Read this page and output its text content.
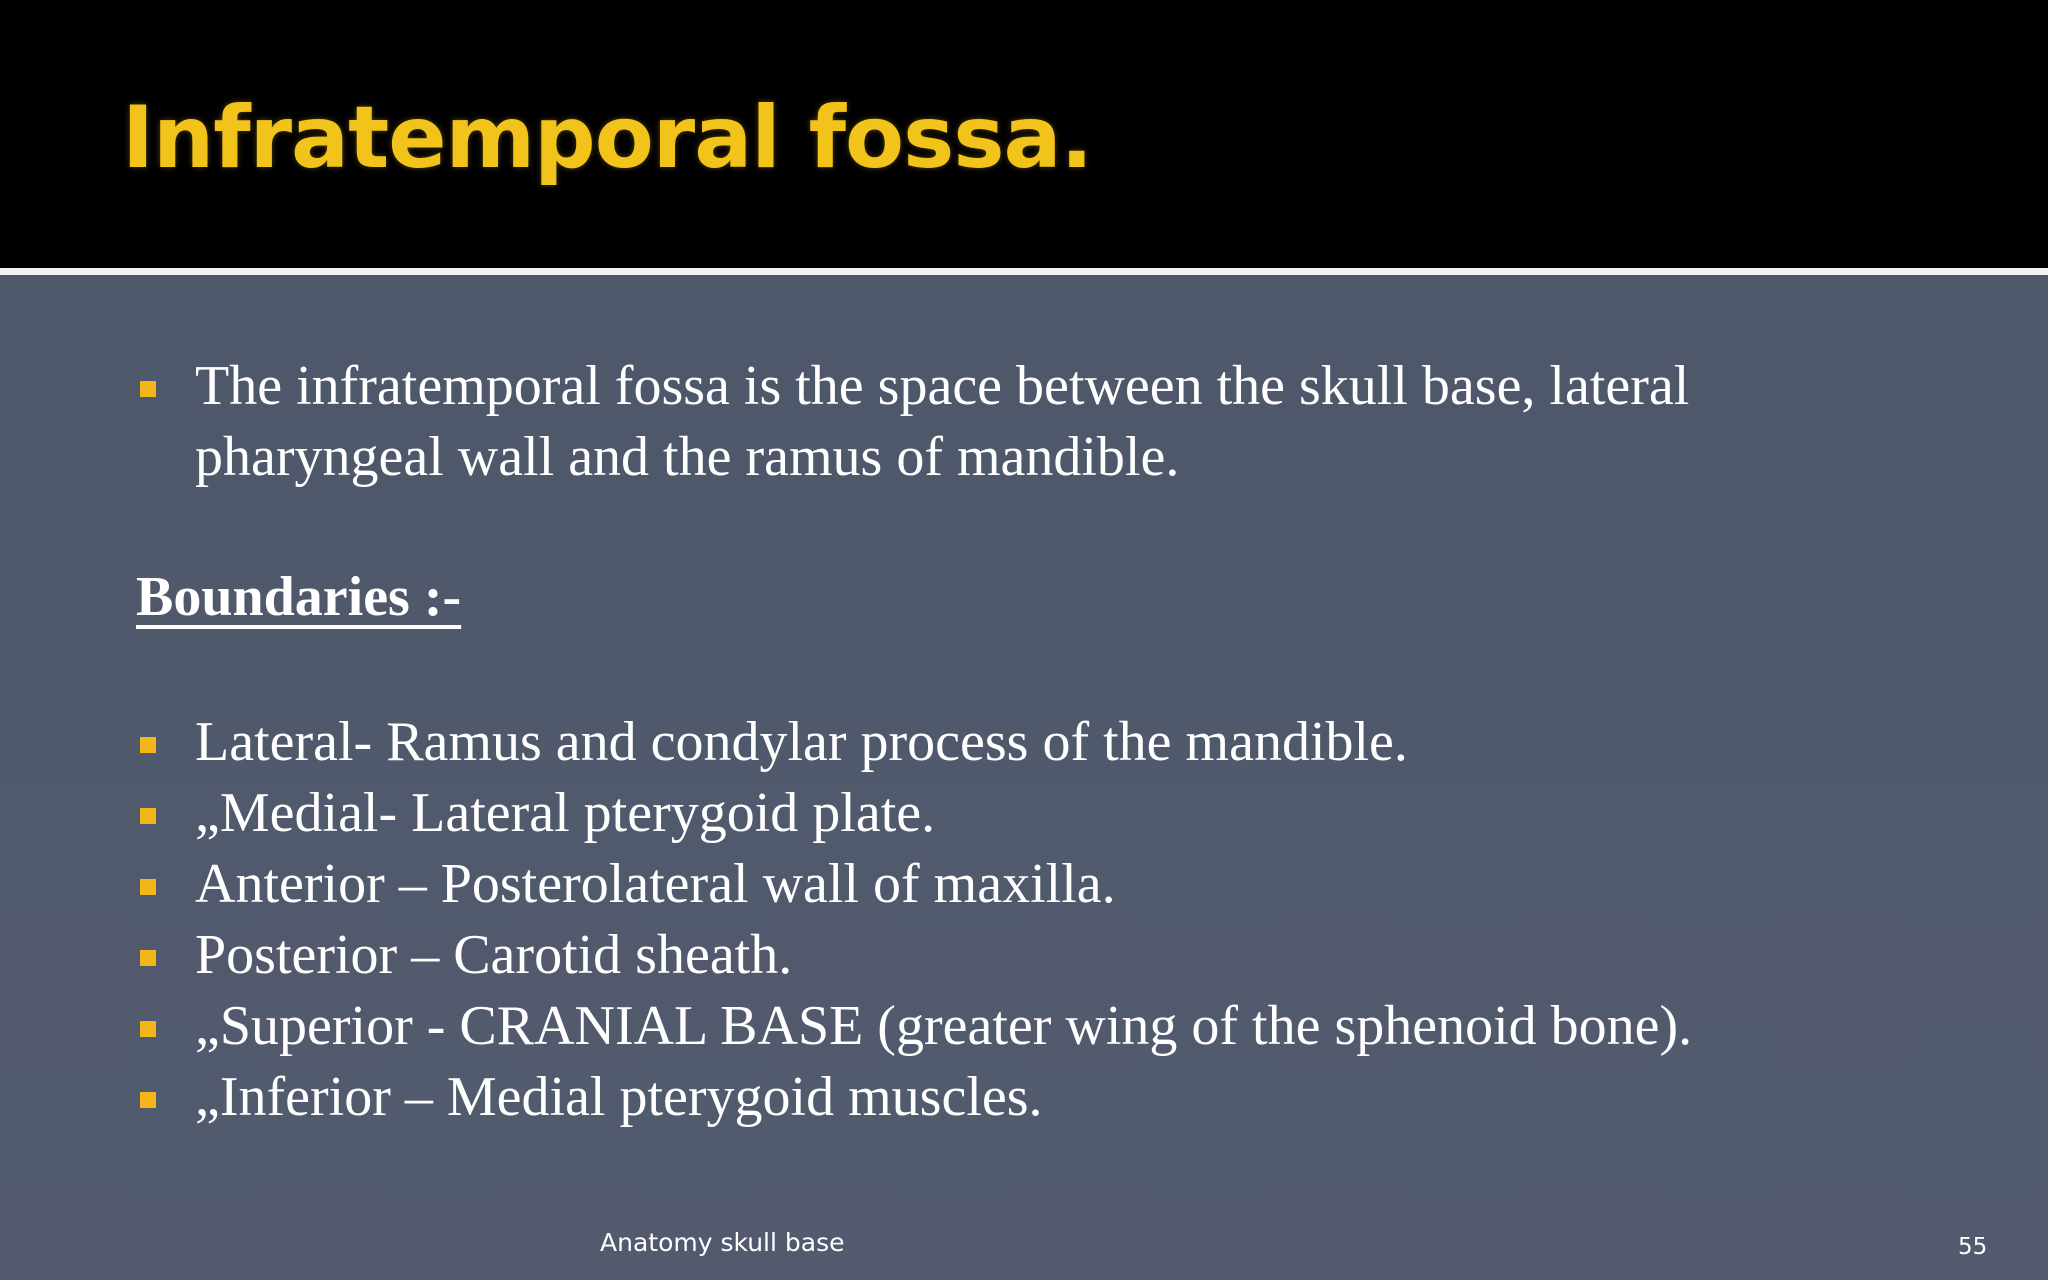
Infratemporal fossa.
The infratemporal fossa is the space between the skull base, lateral pharyngeal wall and the ramus of mandible.
Boundaries :-
Lateral- Ramus and condylar process of the mandible.
„Medial- Lateral pterygoid plate.
Anterior – Posterolateral wall of maxilla.
Posterior – Carotid sheath.
„Superior - CRANIAL BASE (greater wing of the sphenoid bone).
„Inferior – Medial pterygoid muscles.
Anatomy skull base	55
